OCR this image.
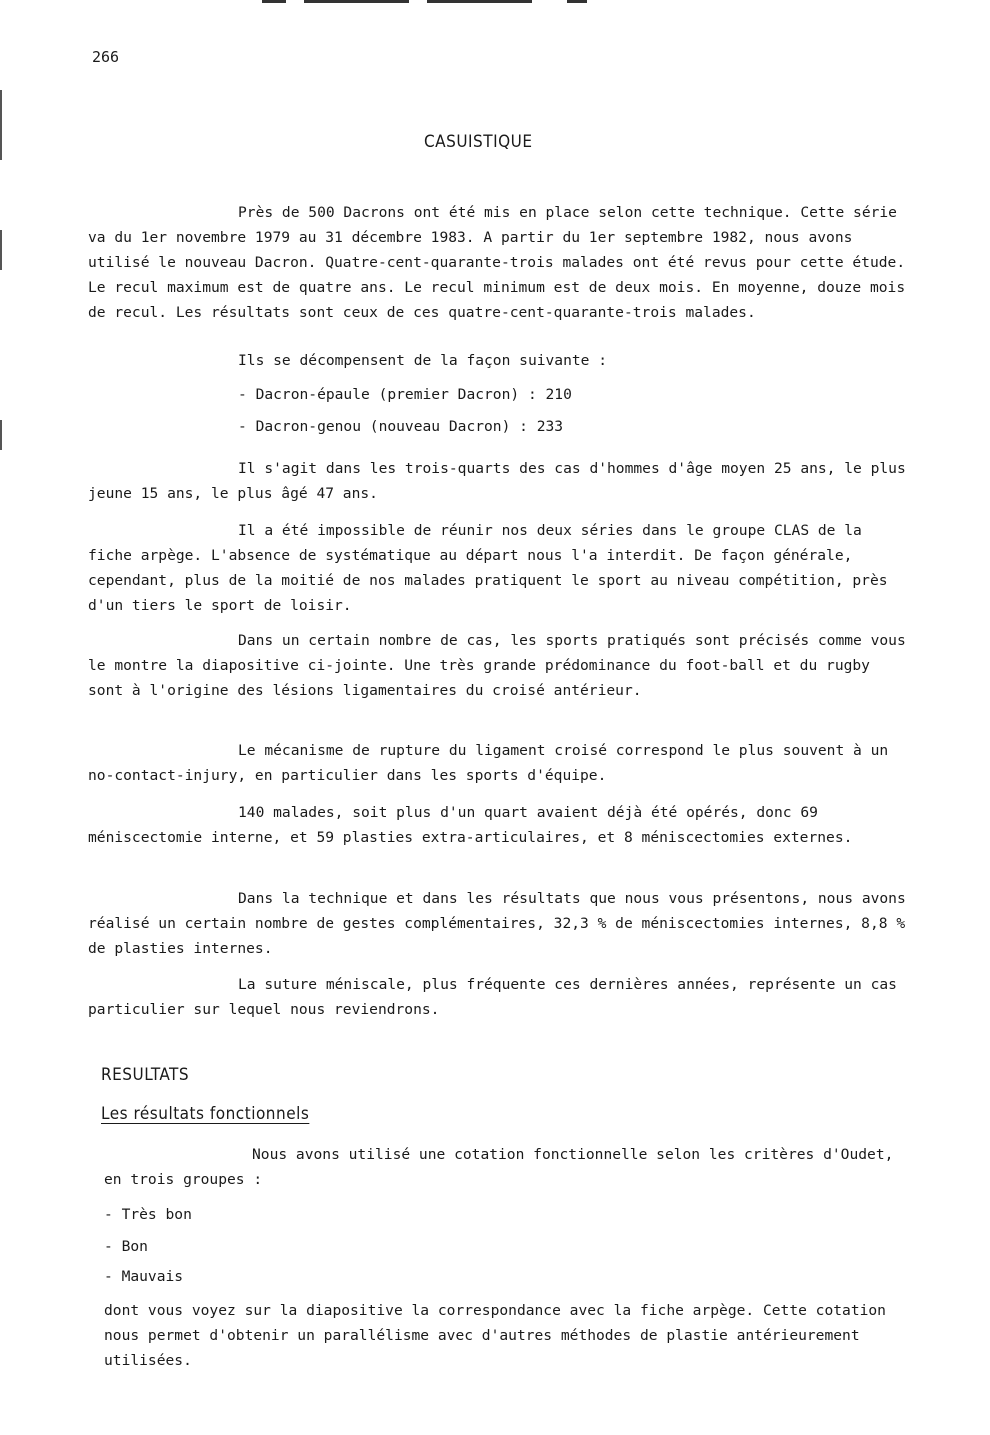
266
CASUISTIQUE

Près de 500 Dacrons ont été mis en place selon cette technique. Cette série va du 1er novembre 1979 au 31 décembre 1983. A partir du 1er septembre 1982, nous avons utilisé le nouveau Dacron. Quatre-cent-quarante-trois malades ont été revus pour cette étude. Le recul maximum est de quatre ans. Le recul minimum est de deux mois. En moyenne, douze mois de recul. Les résultats sont ceux de ces quatre-cent-quarante-trois malades.

Ils se décompensent de la façon suivante :

- Dacron-épaule (premier Dacron) : 210

- Dacron-genou (nouveau Dacron) : 233

Il s'agit dans les trois-quarts des cas d'hommes d'âge moyen 25 ans, le plus jeune 15 ans, le plus âgé 47 ans.

Il a été impossible de réunir nos deux séries dans le groupe CLAS de la fiche arpège. L'absence de systématique au départ nous l'a interdit. De façon générale, cependant, plus de la moitié de nos malades pratiquent le sport au niveau compétition, près d'un tiers le sport de loisir.

Dans un certain nombre de cas, les sports pratiqués sont précisés comme vous le montre la diapositive ci-jointe. Une très grande prédominance du foot-ball et du rugby sont à l'origine des lésions ligamentaires du croisé antérieur.

Le mécanisme de rupture du ligament croisé correspond le plus souvent à un no-contact-injury, en particulier dans les sports d'équipe.

140 malades, soit plus d'un quart avaient déjà été opérés, donc 69 méniscectomie interne, et 59 plasties extra-articulaires, et 8 méniscectomies externes.

Dans la technique et dans les résultats que nous vous présentons, nous avons réalisé un certain nombre de gestes complémentaires, 32,3 % de méniscectomies internes, 8,8 % de plasties internes.

La suture méniscale, plus fréquente ces dernières années, représente un cas particulier sur lequel nous reviendrons.

RESULTATS
Les résultats fonctionnels

Nous avons utilisé une cotation fonctionnelle selon les critères d'Oudet, en trois groupes :

- Très bon

- Bon

- Mauvais

dont vous voyez sur la diapositive la correspondance avec la fiche arpège. Cette cotation nous permet d'obtenir un parallélisme avec d'autres méthodes de plastie antérieurement utilisées.
